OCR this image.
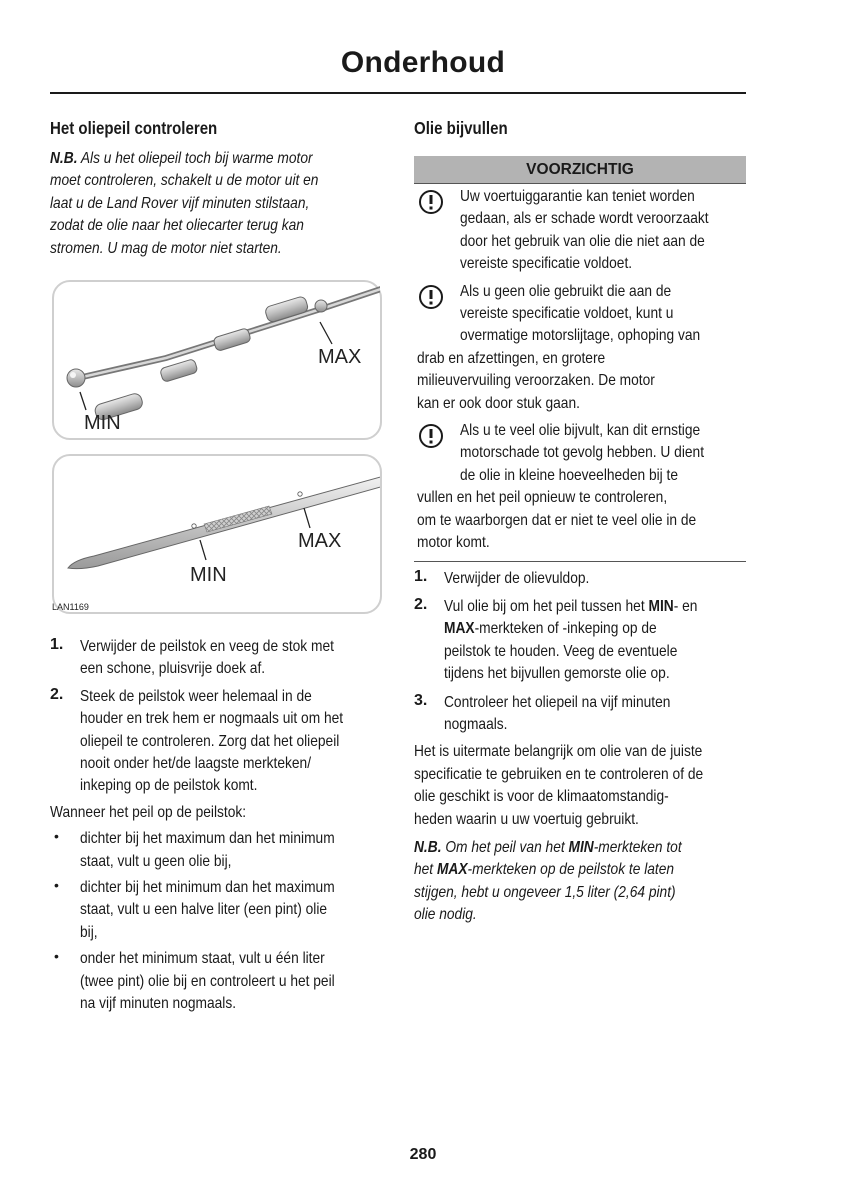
Onderhoud
Het oliepeil controleren
N.B. Als u het oliepeil toch bij warme motor
moet controleren, schakelt u de motor uit en
laat u de Land Rover vijf minuten stilstaan,
zodat de olie naar het oliecarter terug kan
stromen. U mag de motor niet starten.
MAX
MIN
MAX
MIN
LAN1169
1. Verwijder de peilstok en veeg de stok met
een schone, pluisvrije doek af.
2. Steek de peilstok weer helemaal in de
houder en trek hem er nogmaals uit om het
oliepeil te controleren. Zorg dat het oliepeil
nooit onder het/de laagste merkteken/
inkeping op de peilstok komt.
Wanneer het peil op de peilstok:
• dichter bij het maximum dan het minimum
staat, vult u geen olie bij,
• dichter bij het minimum dan het maximum
staat, vult u een halve liter (een pint) olie
bij,
• onder het minimum staat, vult u één liter
(twee pint) olie bij en controleert u het peil
na vijf minuten nogmaals.
Olie bijvullen
VOORZICHTIG
Uw voertuiggarantie kan teniet worden
gedaan, als er schade wordt veroorzaakt
door het gebruik van olie die niet aan de
vereiste specificatie voldoet.
Als u geen olie gebruikt die aan de
vereiste specificatie voldoet, kunt u
overmatige motorslijtage, ophoping van
drab en afzettingen, en grotere
milieuvervuiling veroorzaken. De motor
kan er ook door stuk gaan.
Als u te veel olie bijvult, kan dit ernstige
motorschade tot gevolg hebben. U dient
de olie in kleine hoeveelheden bij te
vullen en het peil opnieuw te controleren,
om te waarborgen dat er niet te veel olie in de
motor komt.
1. Verwijder de olievuldop.
2. Vul olie bij om het peil tussen het MIN- en
MAX-merkteken of -inkeping op de
peilstok te houden. Veeg de eventuele
tijdens het bijvullen gemorste olie op.
3. Controleer het oliepeil na vijf minuten
nogmaals.
Het is uitermate belangrijk om olie van de juiste
specificatie te gebruiken en te controleren of de
olie geschikt is voor de klimaatomstandig-
heden waarin u uw voertuig gebruikt.
N.B. Om het peil van het MIN-merkteken tot
het MAX-merkteken op de peilstok te laten
stijgen, hebt u ongeveer 1,5 liter (2,64 pint)
olie nodig.
280
